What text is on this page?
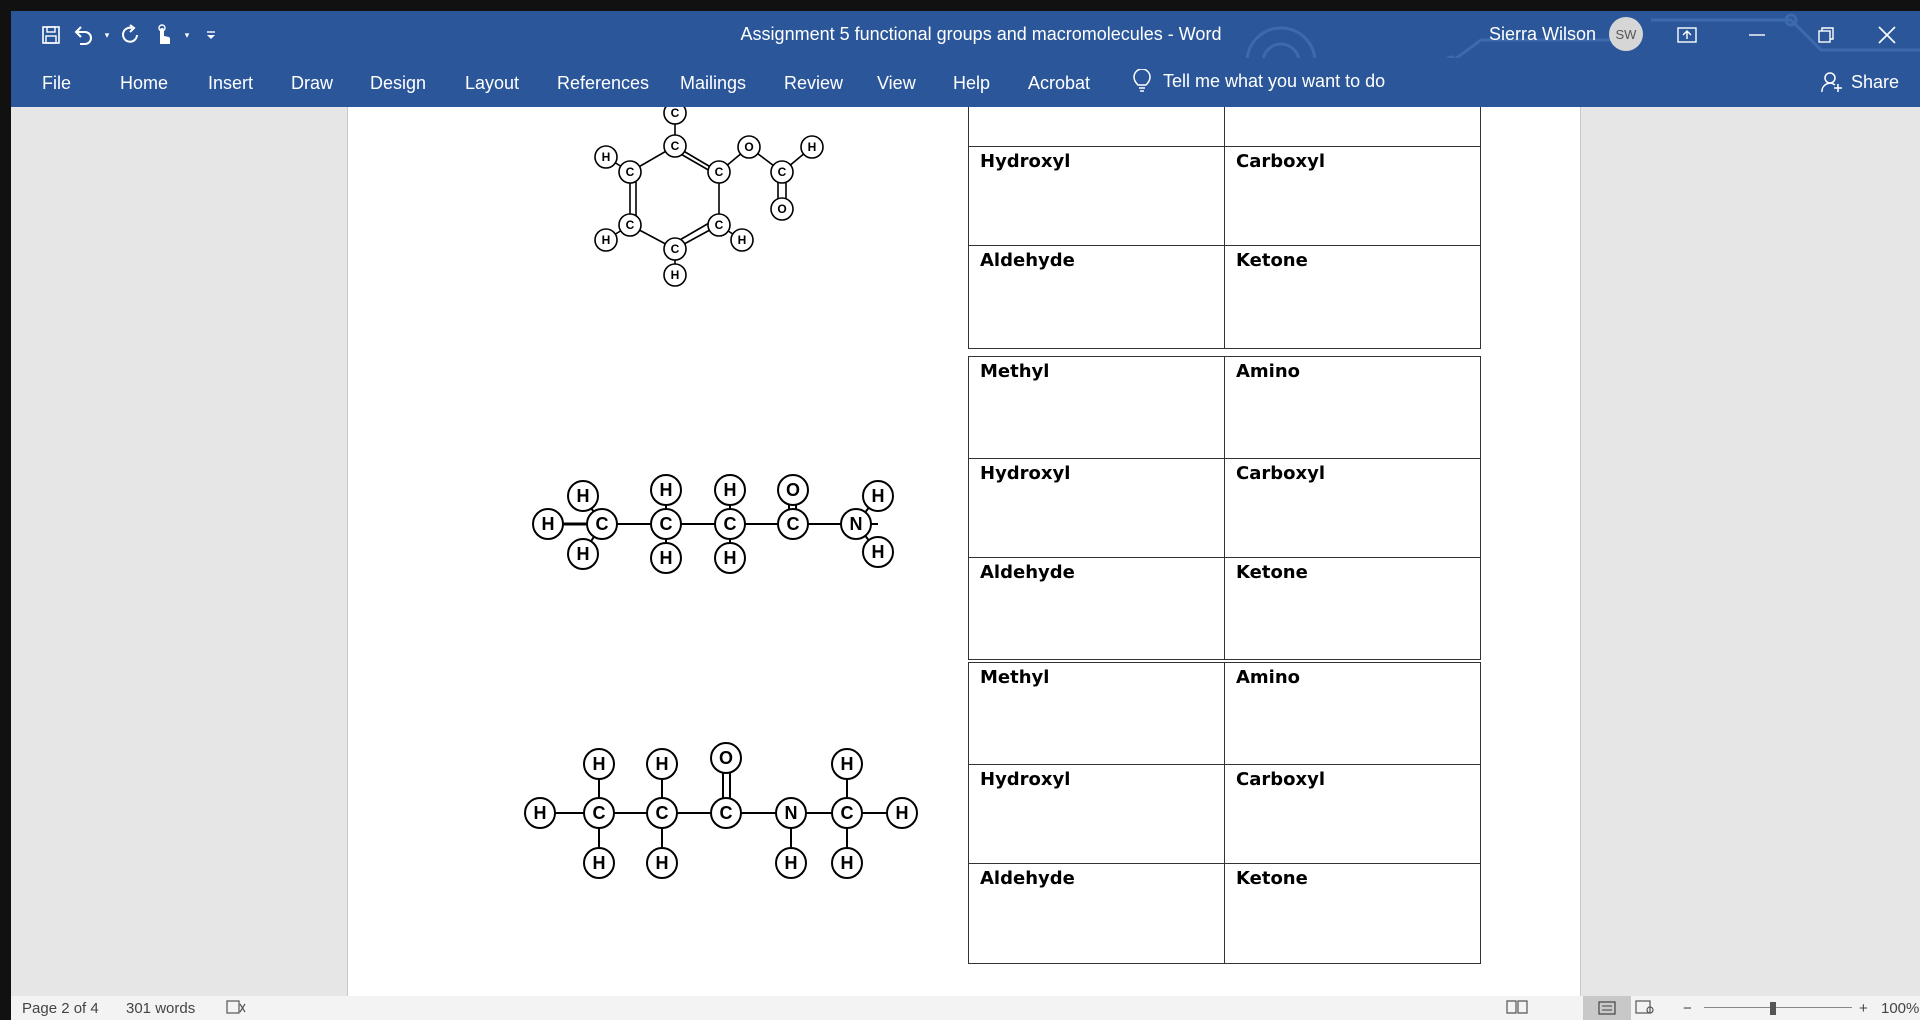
▾	▾	Assignment 5 functional groups and macromolecules - Word	Sierra Wilson	SW
File	Home Insert Draw Design Layout References Mailings Review View Help Acrobat	Tell me what you want to do	Share
C
C
C	C
C	C
C
O
C
O
H
H
H	H
H
H
H
H
C
H
H
C
H
H
C
O
C	N
H
H
H
H
H
C
H
H
C
O
C	N
H
H
C
H
H

Hydroxyl	Carboxyl
Aldehyde	Ketone
Methyl	Amino
Hydroxyl	Carboxyl
Aldehyde	Ketone
Methyl	Amino
Hydroxyl	Carboxyl
Aldehyde	Ketone
Page 2 of 4 301 words	−	+ 100%
